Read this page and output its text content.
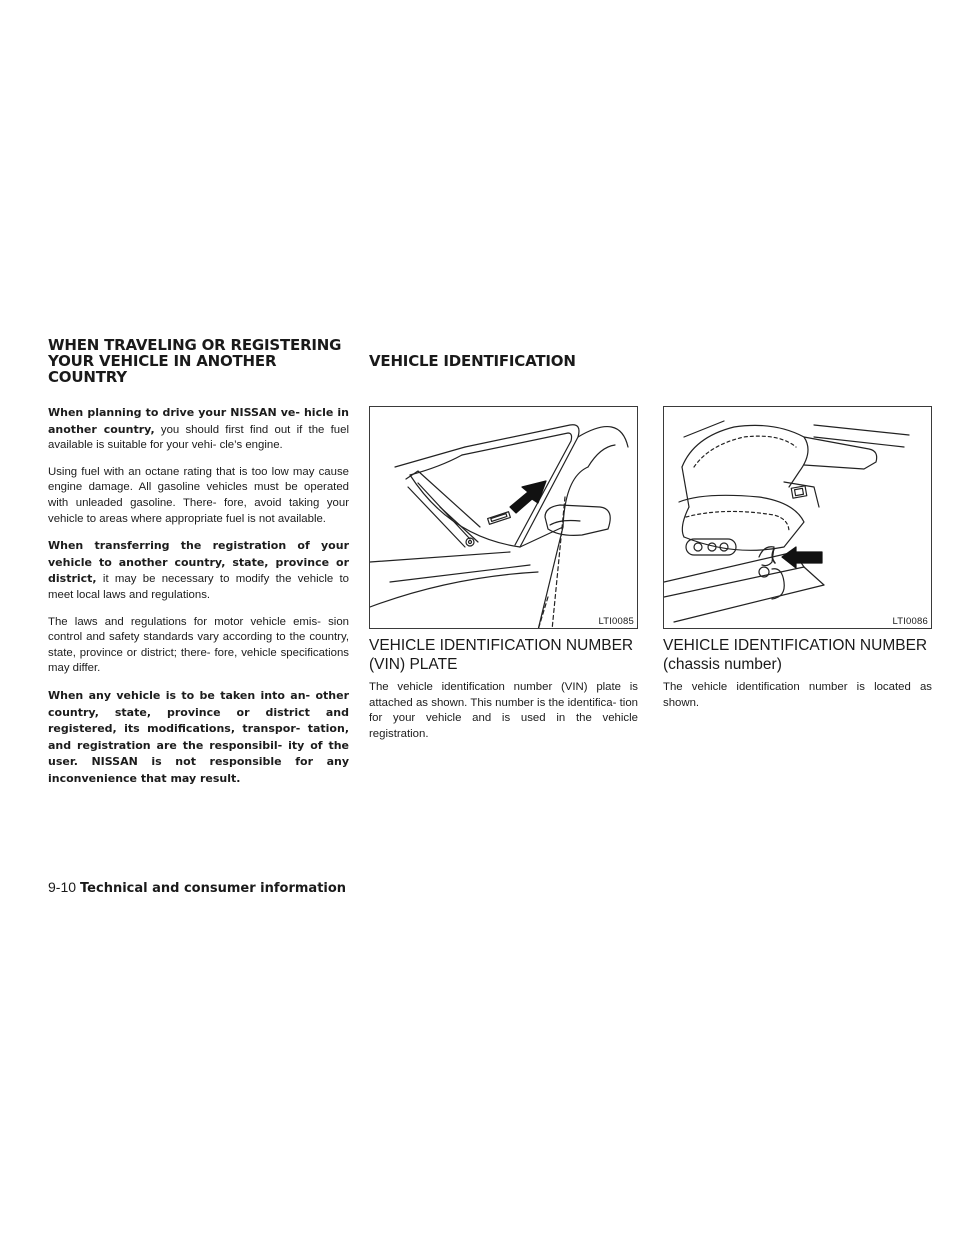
WHEN TRAVELING OR REGISTERING
YOUR VEHICLE IN ANOTHER
COUNTRY
VEHICLE IDENTIFICATION

When planning to drive your NISSAN ve- hicle in another country, you should first find out if the fuel available is suitable for your vehi- cle’s engine.

Using fuel with an octane rating that is too low may cause engine damage. All gasoline vehicles must be operated with unleaded gasoline. There- fore, avoid taking your vehicle to areas where appropriate fuel is not available.

When transferring the registration of your vehicle to another country, state, province or district, it may be necessary to modify the vehicle to meet local laws and regulations.

The laws and regulations for motor vehicle emis- sion control and safety standards vary according to the country, state, province or district; there- fore, vehicle specifications may differ.

When any vehicle is to be taken into an- other country, state, province or district and registered, its modifications, transpor- tation, and registration are the responsibil- ity of the user. NISSAN is not responsible for any inconvenience that may result.

LTI0085	LTI0086
VEHICLE IDENTIFICATION NUMBER
(VIN) PLATE
VEHICLE IDENTIFICATION NUMBER
(chassis number)

The vehicle identification number (VIN) plate is attached as shown. This number is the identifica- tion for your vehicle and is used in the vehicle registration.

The vehicle identification number is located as shown.

9-10 Technical and consumer information
